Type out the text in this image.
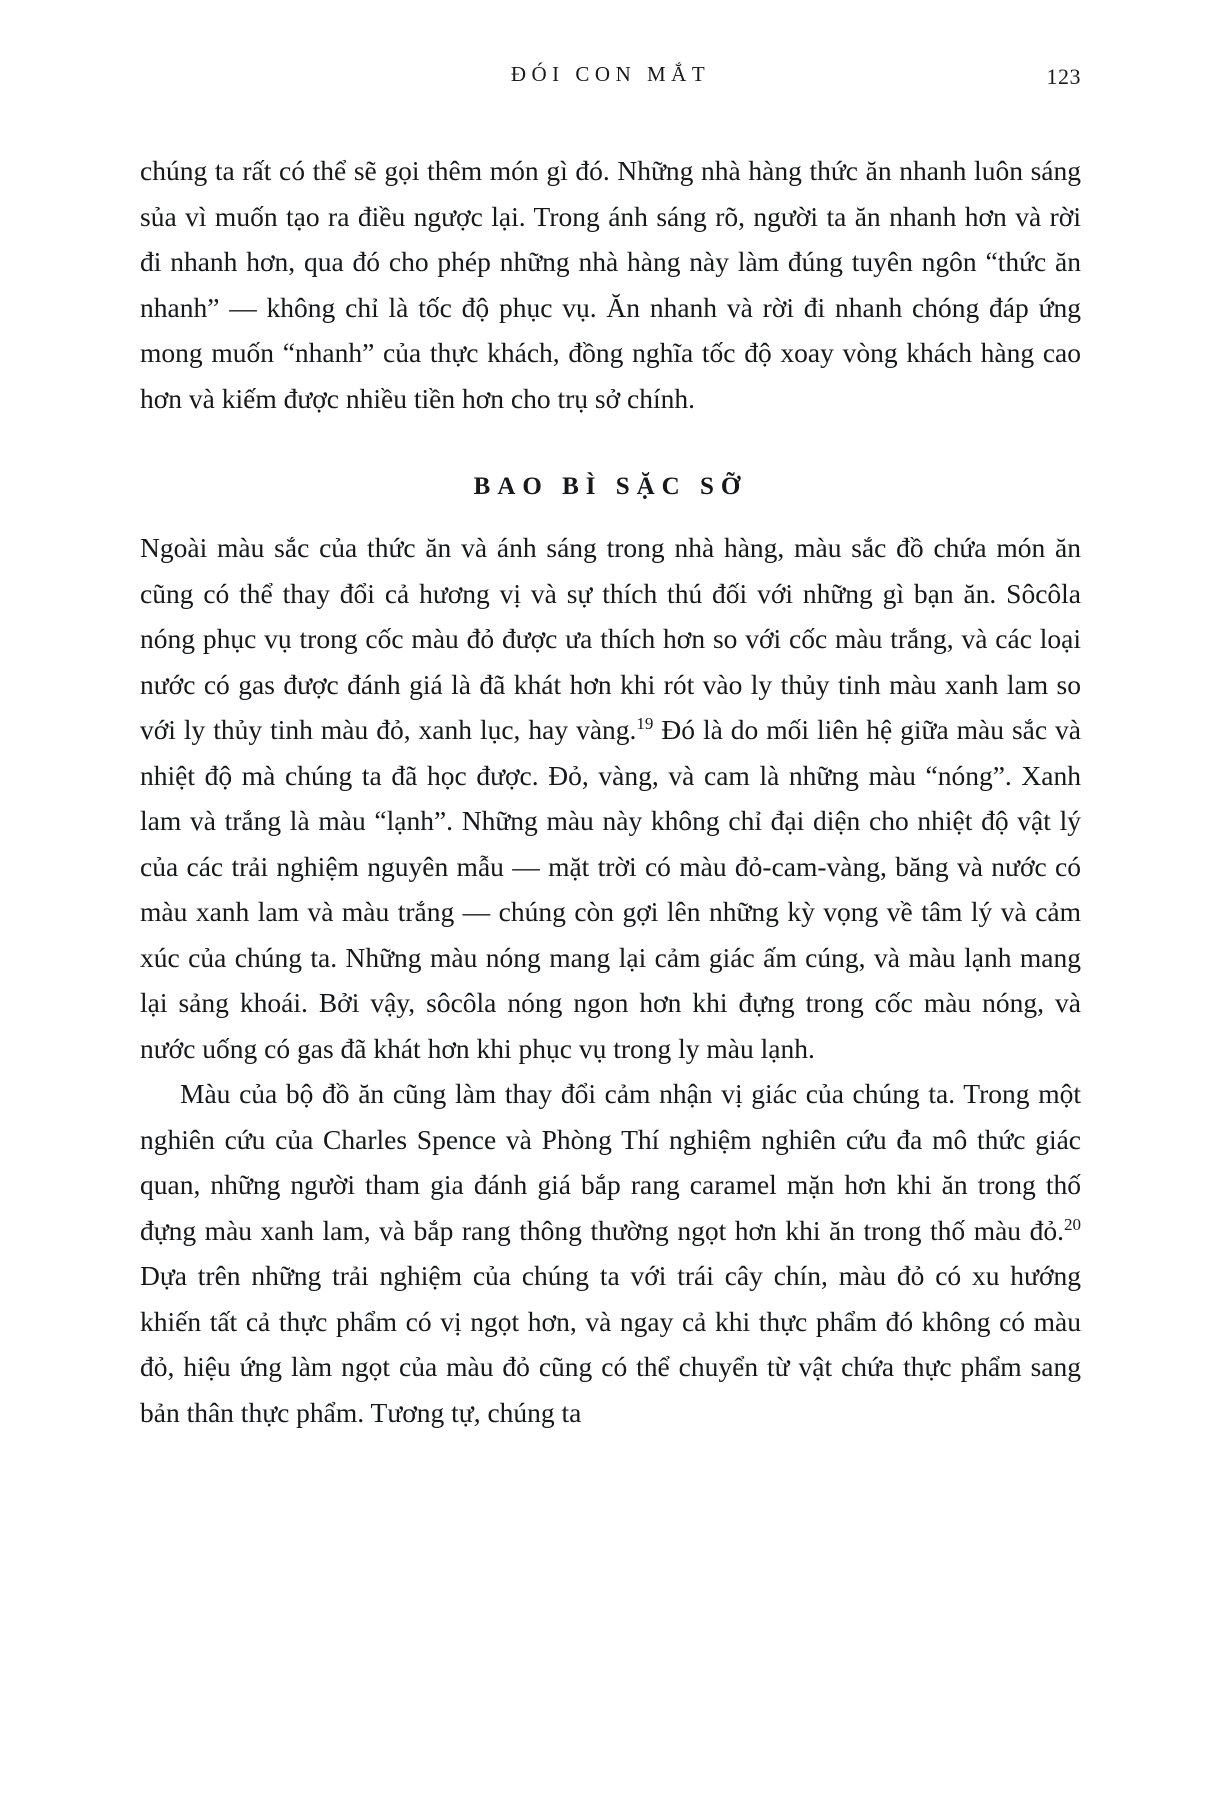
ĐÓI CON MẮT	123

chúng ta rất có thể sẽ gọi thêm món gì đó. Những nhà hàng thức ăn nhanh luôn sáng sủa vì muốn tạo ra điều ngược lại. Trong ánh sáng rõ, người ta ăn nhanh hơn và rời đi nhanh hơn, qua đó cho phép những nhà hàng này làm đúng tuyên ngôn “thức ăn nhanh” — không chỉ là tốc độ phục vụ. Ăn nhanh và rời đi nhanh chóng đáp ứng mong muốn “nhanh” của thực khách, đồng nghĩa tốc độ xoay vòng khách hàng cao hơn và kiếm được nhiều tiền hơn cho trụ sở chính.

BAO BÌ SẶC SỠ

Ngoài màu sắc của thức ăn và ánh sáng trong nhà hàng, màu sắc đồ chứa món ăn cũng có thể thay đổi cả hương vị và sự thích thú đối với những gì bạn ăn. Sôcôla nóng phục vụ trong cốc màu đỏ được ưa thích hơn so với cốc màu trắng, và các loại nước có gas được đánh giá là đã khát hơn khi rót vào ly thủy tinh màu xanh lam so với ly thủy tinh màu đỏ, xanh lục, hay vàng.$^{19}$ Đó là do mối liên hệ giữa màu sắc và nhiệt độ mà chúng ta đã học được. Đỏ, vàng, và cam là những màu “nóng”. Xanh lam và trắng là màu “lạnh”. Những màu này không chỉ đại diện cho nhiệt độ vật lý của các trải nghiệm nguyên mẫu — mặt trời có màu đỏ-cam-vàng, băng và nước có màu xanh lam và màu trắng — chúng còn gợi lên những kỳ vọng về tâm lý và cảm xúc của chúng ta. Những màu nóng mang lại cảm giác ấm cúng, và màu lạnh mang lại sảng khoái. Bởi vậy, sôcôla nóng ngon hơn khi đựng trong cốc màu nóng, và nước uống có gas đã khát hơn khi phục vụ trong ly màu lạnh.

Màu của bộ đồ ăn cũng làm thay đổi cảm nhận vị giác của chúng ta. Trong một nghiên cứu của Charles Spence và Phòng Thí nghiệm nghiên cứu đa mô thức giác quan, những người tham gia đánh giá bắp rang caramel mặn hơn khi ăn trong thố đựng màu xanh lam, và bắp rang thông thường ngọt hơn khi ăn trong thố màu đỏ.$^{20}$ Dựa trên những trải nghiệm của chúng ta với trái cây chín, màu đỏ có xu hướng khiến tất cả thực phẩm có vị ngọt hơn, và ngay cả khi thực phẩm đó không có màu đỏ, hiệu ứng làm ngọt của màu đỏ cũng có thể chuyển từ vật chứa thực phẩm sang bản thân thực phẩm. Tương tự, chúng ta
